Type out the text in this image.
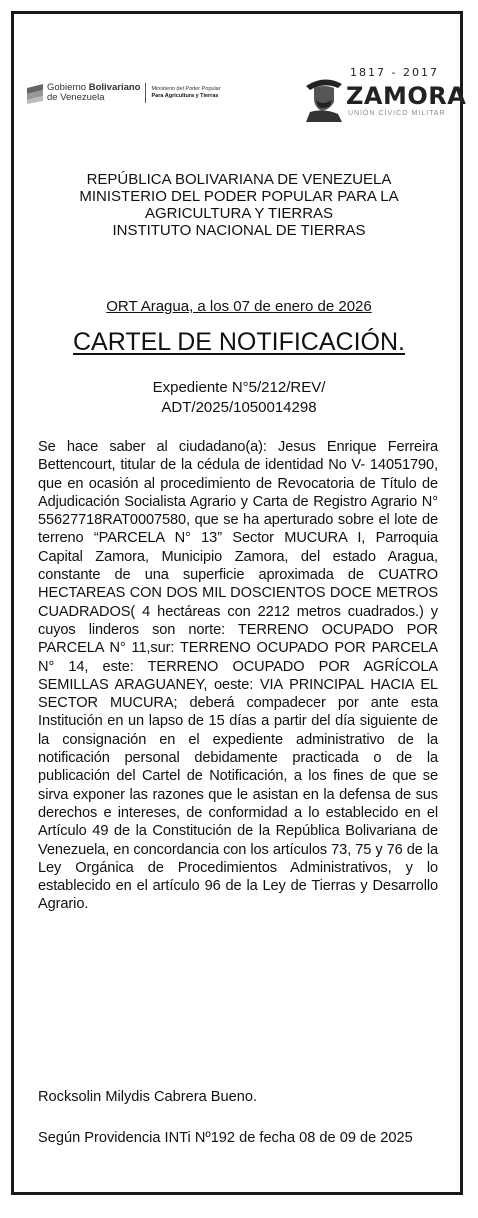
Gobierno Bolivariano
de Venezuela
Ministerio del Poder Popular
Para Agricultura y Tierras
1817 - 2017
ZAMORA
UNIÓN CÍVICO MILITAR
REPÚBLICA BOLIVARIANA DE VENEZUELA
MINISTERIO DEL PODER POPULAR PARA LA
AGRICULTURA Y TIERRAS
INSTITUTO NACIONAL DE TIERRAS
ORT Aragua, a los 07 de enero de 2026
CARTEL DE NOTIFICACIÓN.
Expediente N°5/212/REV/
ADT/2025/1050014298
Se hace saber al ciudadano(a): Jesus Enrique Ferreira Bettencourt, titular de la cédula de identidad No V- 14051790, que en ocasión al procedimiento de Revocatoria de Título de Adjudicación Socialista Agrario y Carta de Registro Agrario N° 55627718RAT0007580, que se ha aperturado sobre el lote de terreno “PARCELA N° 13” Sector MUCURA I, Parroquia Capital Zamora, Municipio Zamora, del estado Aragua, constante de una superficie aproximada de CUATRO HECTAREAS CON DOS MIL DOSCIENTOS DOCE METROS CUADRADOS( 4 hectáreas con 2212 metros cuadrados.) y cuyos linderos son norte: TERRENO OCUPADO POR PARCELA N° 11,sur: TERRENO OCUPADO POR PARCELA N° 14, este: TERRENO OCUPADO POR AGRÍCOLA SEMILLAS ARAGUANEY, oeste: VIA PRINCIPAL HACIA EL SECTOR MUCURA; deberá compadecer por ante esta Institución en un lapso de 15 días a partir del día siguiente de la consignación en el expediente administrativo de la notificación personal debidamente practicada o de la publicación del Cartel de Notificación, a los fines de que se sirva exponer las razones que le asistan en la defensa de sus derechos e intereses, de conformidad a lo establecido en el Artículo 49 de la Constitución de la República Bolivariana de Venezuela, en concordancia con los artículos 73, 75 y 76 de la Ley Orgánica de Procedimientos Administrativos, y lo establecido en el artículo 96 de la Ley de Tierras y Desarrollo Agrario.
Rocksolin Milydis Cabrera Bueno.
Según Providencia INTi Nº192 de fecha 08 de 09 de 2025
